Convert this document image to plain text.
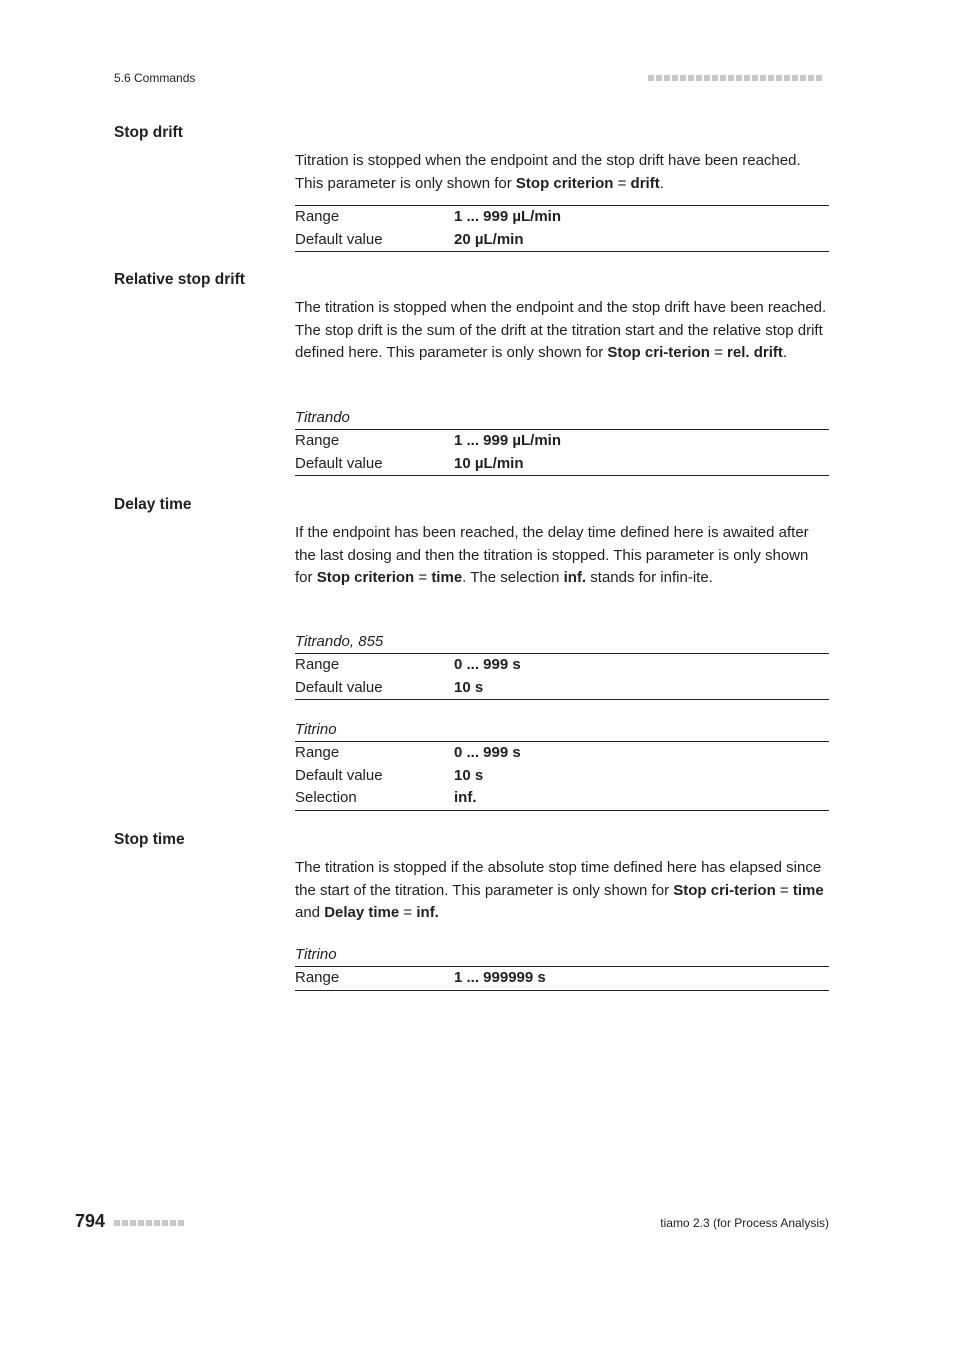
5.6 Commands
Stop drift
Titration is stopped when the endpoint and the stop drift have been reached. This parameter is only shown for Stop criterion = drift.
Range	1 ... 999 µL/min
Default value	20 µL/min
Relative stop drift
The titration is stopped when the endpoint and the stop drift have been reached. The stop drift is the sum of the drift at the titration start and the relative stop drift defined here. This parameter is only shown for Stop cri-terion = rel. drift.
Titrando
Range	1 ... 999 µL/min
Default value	10 µL/min
Delay time
If the endpoint has been reached, the delay time defined here is awaited after the last dosing and then the titration is stopped. This parameter is only shown for Stop criterion = time. The selection inf. stands for infin-ite.
Titrando, 855
Range	0 ... 999 s
Default value	10 s
Titrino
Range	0 ... 999 s
Default value	10 s
Selection	inf.
Stop time
The titration is stopped if the absolute stop time defined here has elapsed since the start of the titration. This parameter is only shown for Stop cri-terion = time and Delay time = inf.
Titrino
Range	1 ... 999999 s
794	tiamo 2.3 (for Process Analysis)
